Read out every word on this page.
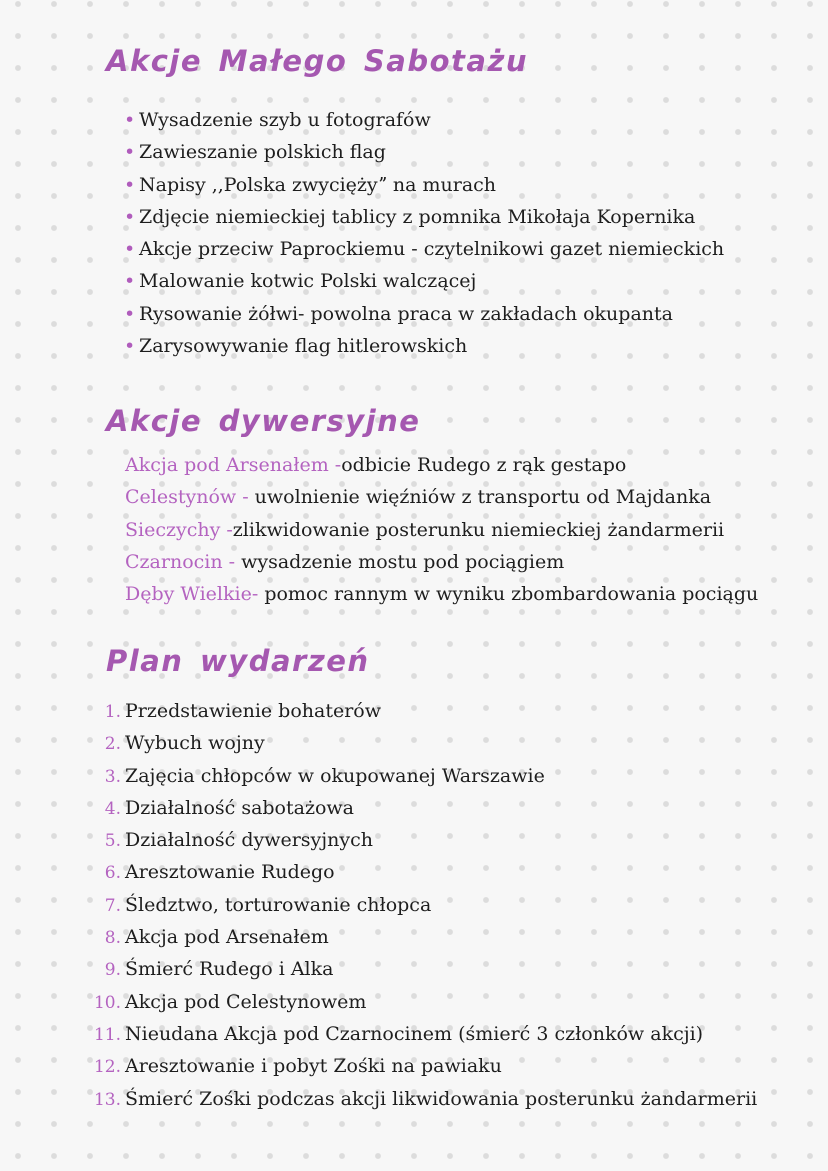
Akcje Małego Sabotażu
• Wysadzenie szyb u fotografów
• Zawieszanie polskich flag
• Napisy ,,Polska zwyciężyˮ na murach
• Zdjęcie niemieckiej tablicy z pomnika Mikołaja Kopernika
• Akcje przeciw Paprockiemu - czytelnikowi gazet niemieckich
• Malowanie kotwic Polski walczącej
• Rysowanie żółwi- powolna praca w zakładach okupanta
• Zarysowywanie flag hitlerowskich
Akcje dywersyjne
Akcja pod Arsenałem -odbicie Rudego z rąk gestapo
Celestynów - uwolnienie więźniów z transportu od Majdanka
Sieczychy -zlikwidowanie posterunku niemieckiej żandarmerii
Czarnocin - wysadzenie mostu pod pociągiem
Dęby Wielkie- pomoc rannym w wyniku zbombardowania pociągu
Plan wydarzeń
1. Przedstawienie bohaterów
2. Wybuch wojny
3. Zajęcia chłopców w okupowanej Warszawie
4. Działalność sabotażowa
5. Działalność dywersyjnych
6. Aresztowanie Rudego
7. Śledztwo, torturowanie chłopca
8. Akcja pod Arsenałem
9. Śmierć Rudego i Alka
10. Akcja pod Celestynowem
11. Nieudana Akcja pod Czarnocinem (śmierć 3 członków akcji)
12. Aresztowanie i pobyt Zośki na pawiaku
13. Śmierć Zośki podczas akcji likwidowania posterunku żandarmerii
